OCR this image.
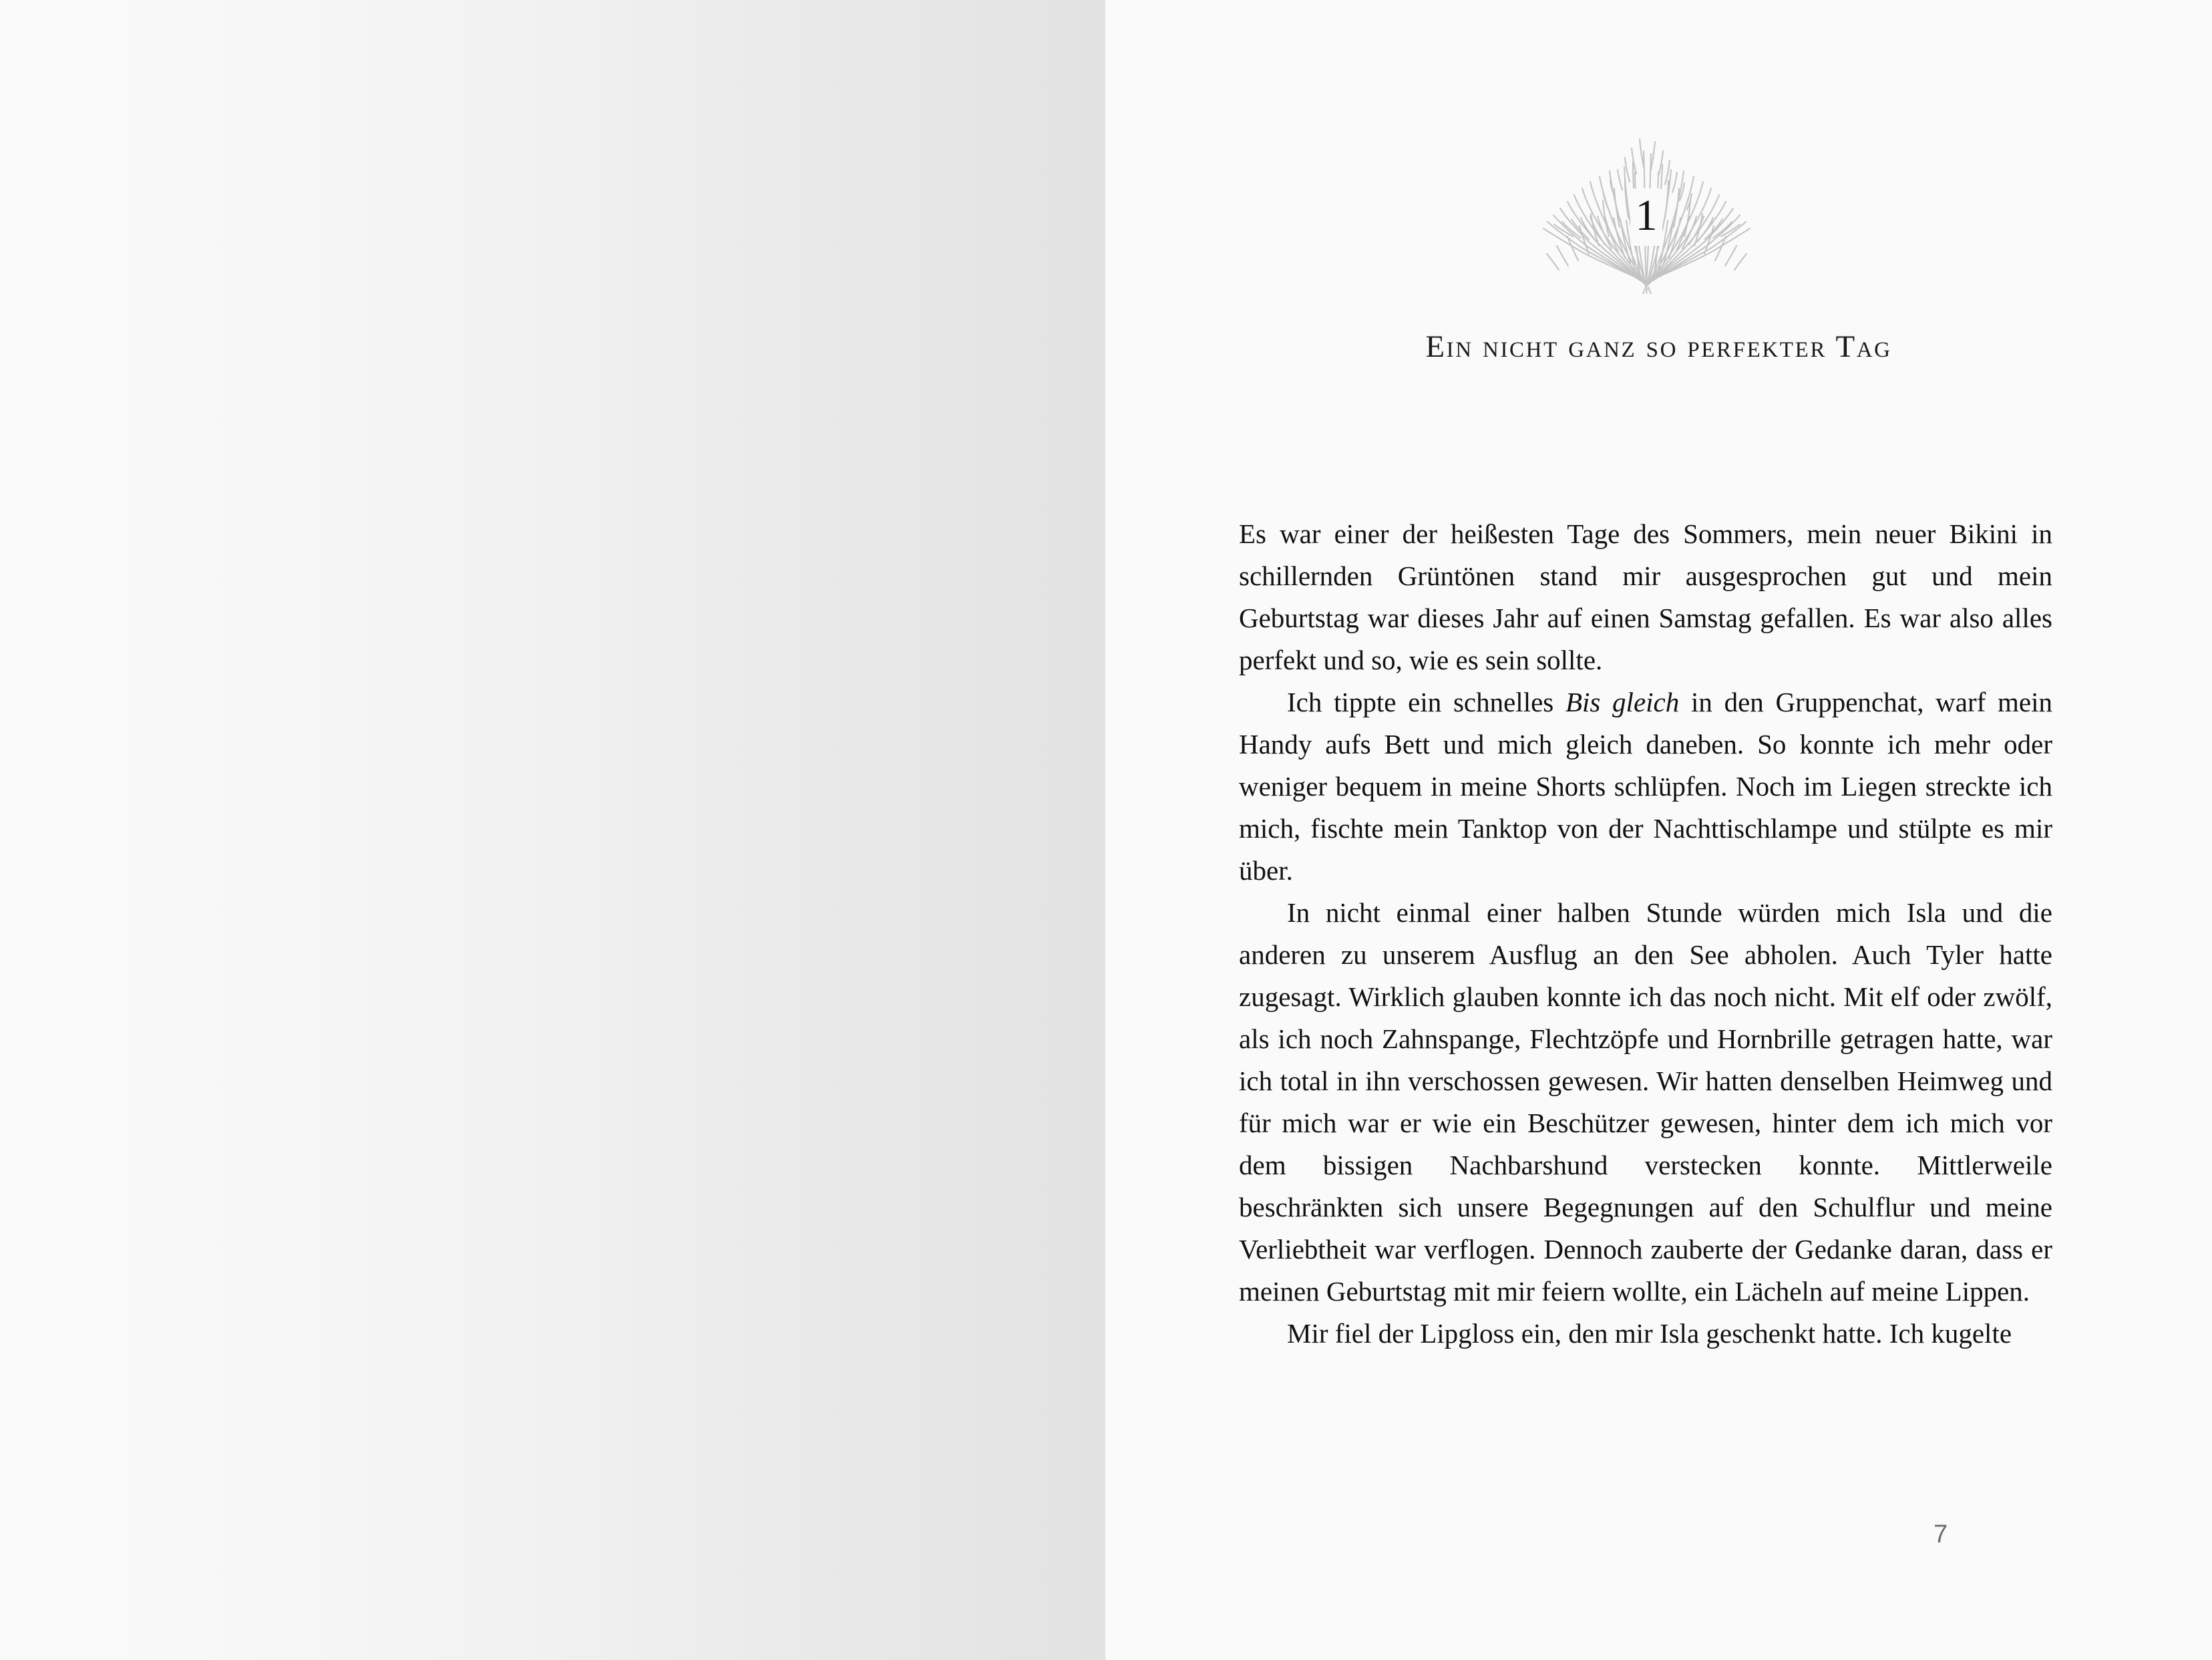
1
Ein nicht ganz so perfekter Tag

Es war einer der heißesten Tage des Sommers, mein neuer Bikini in schillernden Grüntönen stand mir ausgesprochen gut und mein Geburtstag war dieses Jahr auf einen Samstag gefallen. Es war also alles perfekt und so, wie es sein sollte.

Ich tippte ein schnelles Bis gleich in den Gruppenchat, warf mein Handy aufs Bett und mich gleich daneben. So konnte ich mehr oder weniger bequem in meine Shorts schlüpfen. Noch im Liegen streckte ich mich, fischte mein Tanktop von der Nachttischlampe und stülpte es mir über.

In nicht einmal einer halben Stunde würden mich Isla und die anderen zu unserem Ausflug an den See abholen. Auch Tyler hatte zugesagt. Wirklich glauben konnte ich das noch nicht. Mit elf oder zwölf, als ich noch Zahnspange, Flechtzöpfe und Hornbrille getragen hatte, war ich total in ihn verschossen gewesen. Wir hatten denselben Heimweg und für mich war er wie ein Beschützer gewesen, hinter dem ich mich vor dem bissigen Nachbarshund verstecken konnte. Mittlerweile beschränkten sich unsere Begegnungen auf den Schulflur und meine Verliebtheit war verflogen. Dennoch zauberte der Gedanke daran, dass er meinen Geburtstag mit mir feiern wollte, ein Lächeln auf meine Lippen.

Mir fiel der Lipgloss ein, den mir Isla geschenkt hatte. Ich kugelte

7
